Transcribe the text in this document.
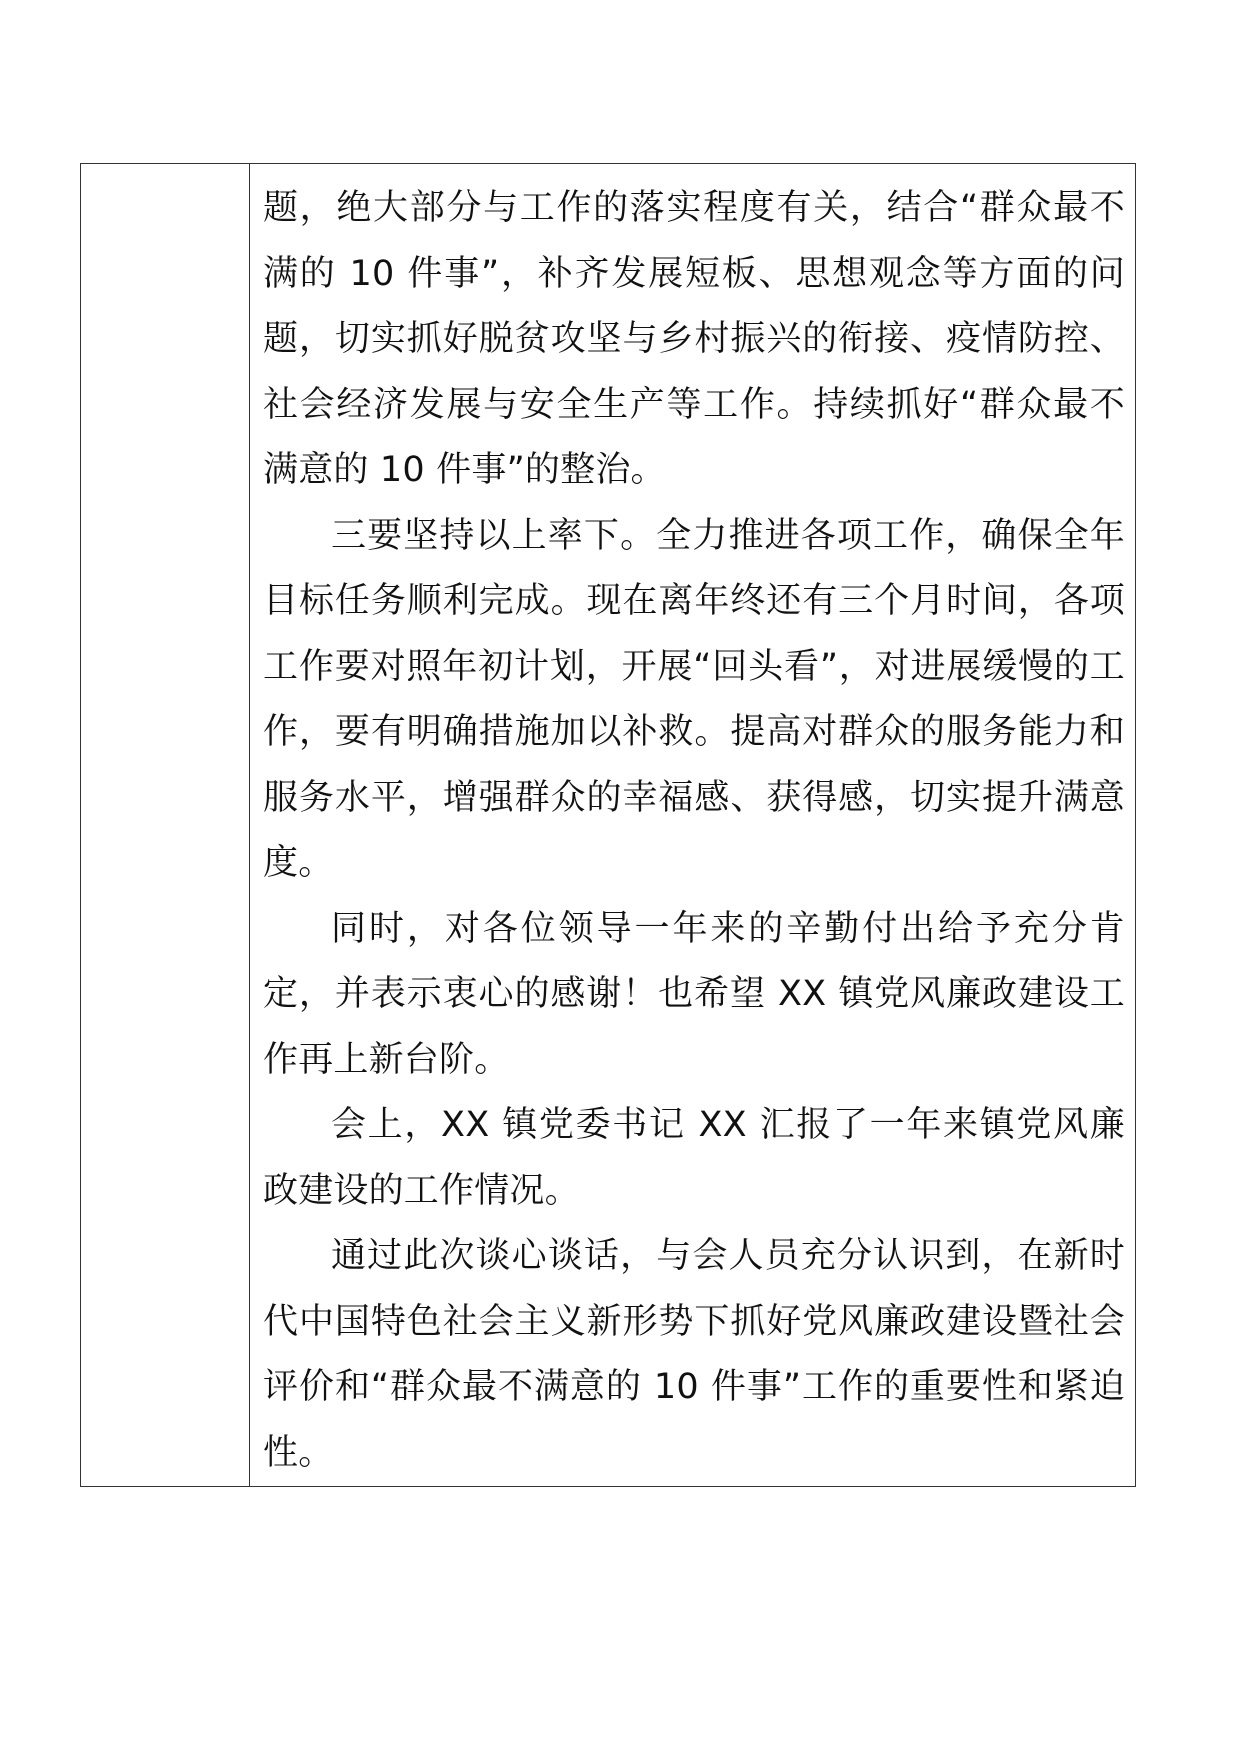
题，绝大部分与工作的落实程度有关，结合“群众最不满的 10 件事”，补齐发展短板、思想观念等方面的问题，切实抓好脱贫攻坚与乡村振兴的衔接、疫情防控、社会经济发展与安全生产等工作。持续抓好“群众最不满意的 10 件事”的整治。

三要坚持以上率下。全力推进各项工作，确保全年目标任务顺利完成。现在离年终还有三个月时间，各项工作要对照年初计划，开展“回头看”，对进展缓慢的工作，要有明确措施加以补救。提高对群众的服务能力和服务水平，增强群众的幸福感、获得感，切实提升满意度。

同时，对各位领导一年来的辛勤付出给予充分肯定，并表示衷心的感谢！也希望 XX 镇党风廉政建设工作再上新台阶。

会上，XX 镇党委书记 XX 汇报了一年来镇党风廉政建设的工作情况。

通过此次谈心谈话，与会人员充分认识到，在新时代中国特色社会主义新形势下抓好党风廉政建设暨社会评价和“群众最不满意的 10 件事”工作的重要性和紧迫性。
